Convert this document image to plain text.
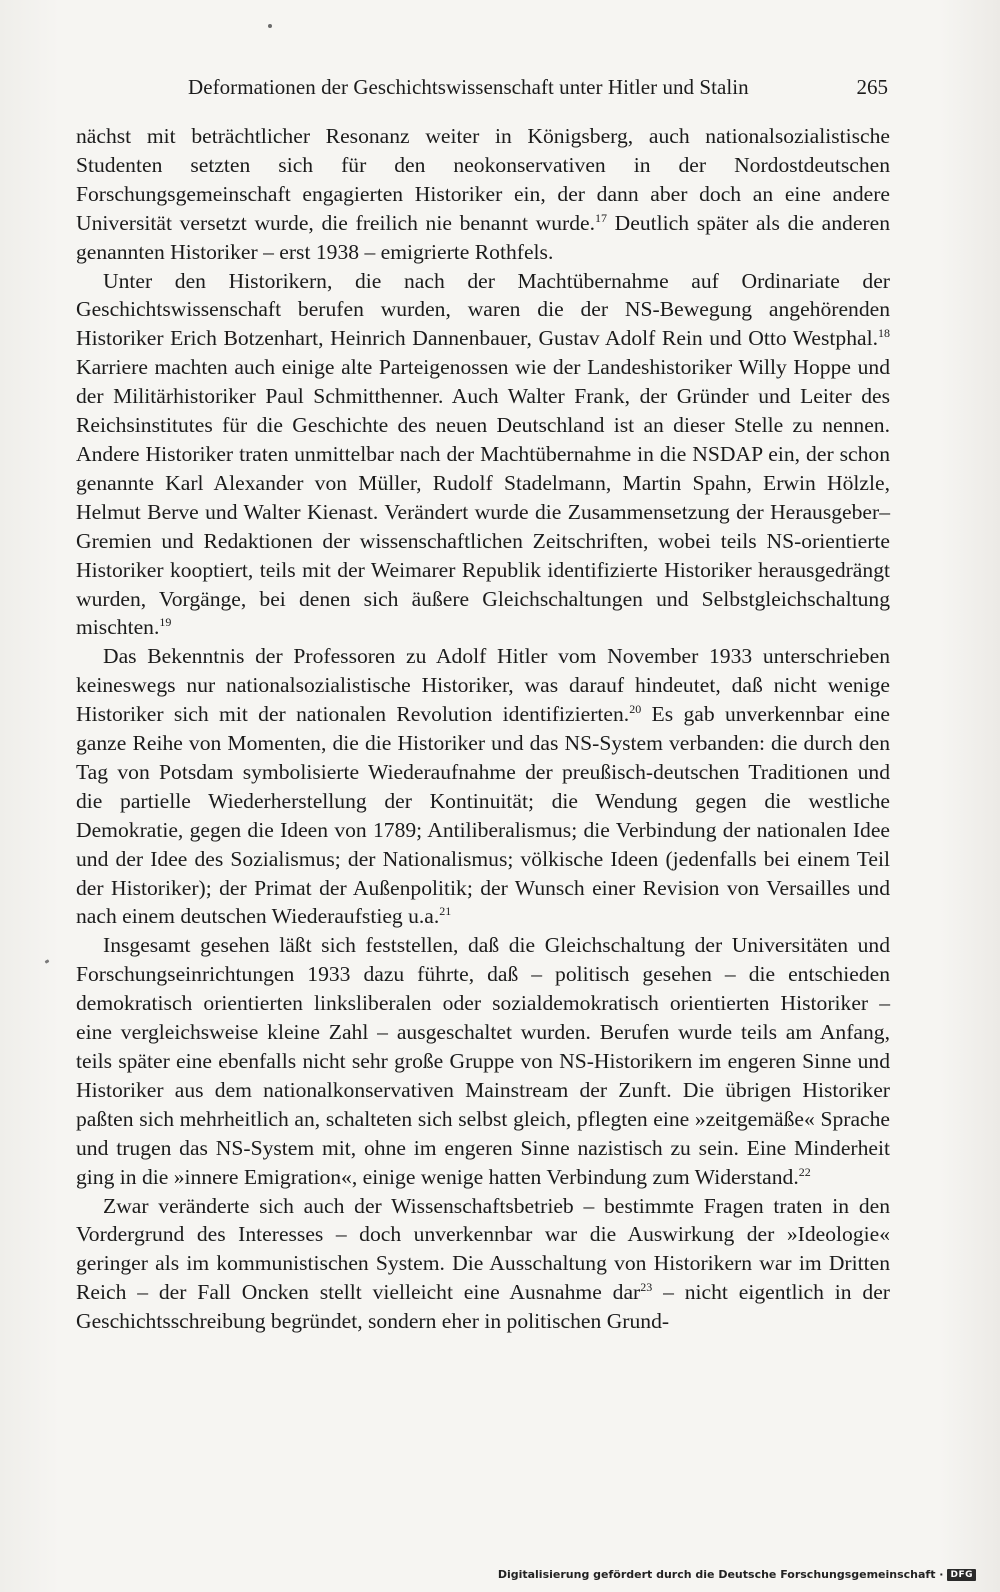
Deformationen der Geschichtswissenschaft unter Hitler und Stalin	265

nächst mit beträchtlicher Resonanz weiter in Königsberg, auch nationalsozialistische Studenten setzten sich für den neokonservativen in der Nordostdeutschen Forschungsgemeinschaft engagierten Historiker ein, der dann aber doch an eine andere Universität versetzt wurde, die freilich nie benannt wurde.$^{17}$ Deutlich später als die anderen genannten Historiker – erst 1938 – emigrierte Rothfels.

Unter den Historikern, die nach der Machtübernahme auf Ordinariate der Geschichtswissenschaft berufen wurden, waren die der NS-Bewegung angehörenden Historiker Erich Botzenhart, Heinrich Dannenbauer, Gustav Adolf Rein und Otto Westphal.$^{18}$ Karriere machten auch einige alte Parteigenossen wie der Landeshistoriker Willy Hoppe und der Militärhistoriker Paul Schmitthenner. Auch Walter Frank, der Gründer und Leiter des Reichsinstitutes für die Geschichte des neuen Deutschland ist an dieser Stelle zu nennen. Andere Historiker traten unmittelbar nach der Machtübernahme in die NSDAP ein, der schon genannte Karl Alexander von Müller, Rudolf Stadelmann, Martin Spahn, Erwin Hölzle, Helmut Berve und Walter Kienast. Verändert wurde die Zusammensetzung der Herausgeber–Gremien und Redaktionen der wissenschaftlichen Zeitschriften, wobei teils NS-orientierte Historiker kooptiert, teils mit der Weimarer Republik identifizierte Historiker herausgedrängt wurden, Vorgänge, bei denen sich äußere Gleichschaltungen und Selbstgleichschaltung mischten.$^{19}$

Das Bekenntnis der Professoren zu Adolf Hitler vom November 1933 unterschrieben keineswegs nur nationalsozialistische Historiker, was darauf hindeutet, daß nicht wenige Historiker sich mit der nationalen Revolution identifizierten.$^{20}$ Es gab unverkennbar eine ganze Reihe von Momenten, die die Historiker und das NS-System verbanden: die durch den Tag von Potsdam symbolisierte Wiederaufnahme der preußisch-deutschen Traditionen und die partielle Wiederherstellung der Kontinuität; die Wendung gegen die westliche Demokratie, gegen die Ideen von 1789; Antiliberalismus; die Verbindung der nationalen Idee und der Idee des Sozialismus; der Nationalismus; völkische Ideen (jedenfalls bei einem Teil der Historiker); der Primat der Außenpolitik; der Wunsch einer Revision von Versailles und nach einem deutschen Wiederaufstieg u.a.$^{21}$

Insgesamt gesehen läßt sich feststellen, daß die Gleichschaltung der Universitäten und Forschungseinrichtungen 1933 dazu führte, daß – politisch gesehen – die entschieden demokratisch orientierten linksliberalen oder sozialdemokratisch orientierten Historiker – eine vergleichsweise kleine Zahl – ausgeschaltet wurden. Berufen wurde teils am Anfang, teils später eine ebenfalls nicht sehr große Gruppe von NS-Historikern im engeren Sinne und Historiker aus dem nationalkonservativen Mainstream der Zunft. Die übrigen Historiker paßten sich mehrheitlich an, schalteten sich selbst gleich, pflegten eine »zeitgemäße« Sprache und trugen das NS-System mit, ohne im engeren Sinne nazistisch zu sein. Eine Minderheit ging in die »innere Emigration«, einige wenige hatten Verbindung zum Widerstand.$^{22}$

Zwar veränderte sich auch der Wissenschaftsbetrieb – bestimmte Fragen traten in den Vordergrund des Interesses – doch unverkennbar war die Auswirkung der »Ideologie« geringer als im kommunistischen System. Die Ausschaltung von Historikern war im Dritten Reich – der Fall Oncken stellt vielleicht eine Ausnahme dar$^{23}$ – nicht eigentlich in der Geschichtsschreibung begründet, sondern eher in politischen Grund-

Digitalisierung gefördert durch die Deutsche Forschungsgemeinschaft · DFG
